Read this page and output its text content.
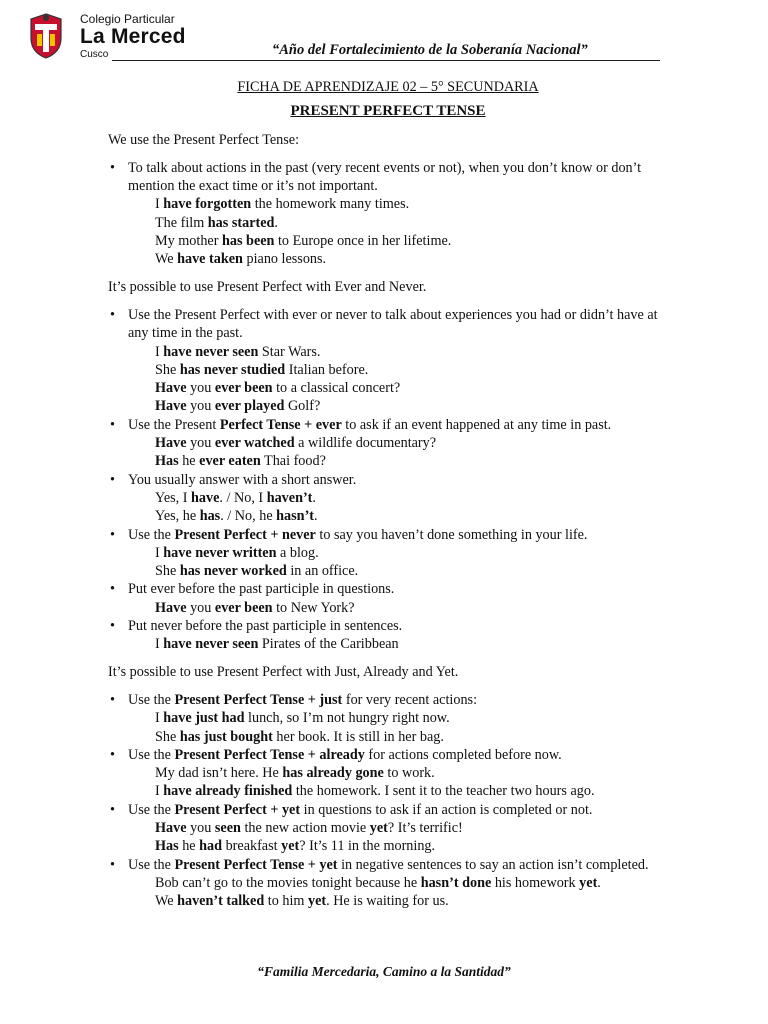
Colegio Particular
La Merced
Cusco	“Año del Fortalecimiento de la Soberanía Nacional”
FICHA DE APRENDIZAJE 02 – 5° SECUNDARIA
PRESENT PERFECT TENSE
We use the Present Perfect Tense:
• To talk about actions in the past (very recent events or not), when you don’t know or don’t mention the exact time or it’s not important.
I have forgotten the homework many times.
The film has started.
My mother has been to Europe once in her lifetime.
We have taken piano lessons.
It’s possible to use Present Perfect with Ever and Never.
• Use the Present Perfect with ever or never to talk about experiences you had or didn’t have at any time in the past.
I have never seen Star Wars.
She has never studied Italian before.
Have you ever been to a classical concert?
Have you ever played Golf?
• Use the Present Perfect Tense + ever to ask if an event happened at any time in past.
Have you ever watched a wildlife documentary?
Has he ever eaten Thai food?
• You usually answer with a short answer.
Yes, I have. / No, I haven’t.
Yes, he has. / No, he hasn’t.
• Use the Present Perfect + never to say you haven’t done something in your life.
I have never written a blog.
She has never worked in an office.
• Put ever before the past participle in questions.
Have you ever been to New York?
• Put never before the past participle in sentences.
I have never seen Pirates of the Caribbean
It’s possible to use Present Perfect with Just, Already and Yet.
• Use the Present Perfect Tense + just for very recent actions:
I have just had lunch, so I’m not hungry right now.
She has just bought her book. It is still in her bag.
• Use the Present Perfect Tense + already for actions completed before now.
My dad isn’t here. He has already gone to work.
I have already finished the homework. I sent it to the teacher two hours ago.
• Use the Present Perfect + yet in questions to ask if an action is completed or not.
Have you seen the new action movie yet? It’s terrific!
Has he had breakfast yet? It’s 11 in the morning.
• Use the Present Perfect Tense + yet in negative sentences to say an action isn’t completed.
Bob can’t go to the movies tonight because he hasn’t done his homework yet.
We haven’t talked to him yet. He is waiting for us.
“Familia Mercedaria, Camino a la Santidad”
